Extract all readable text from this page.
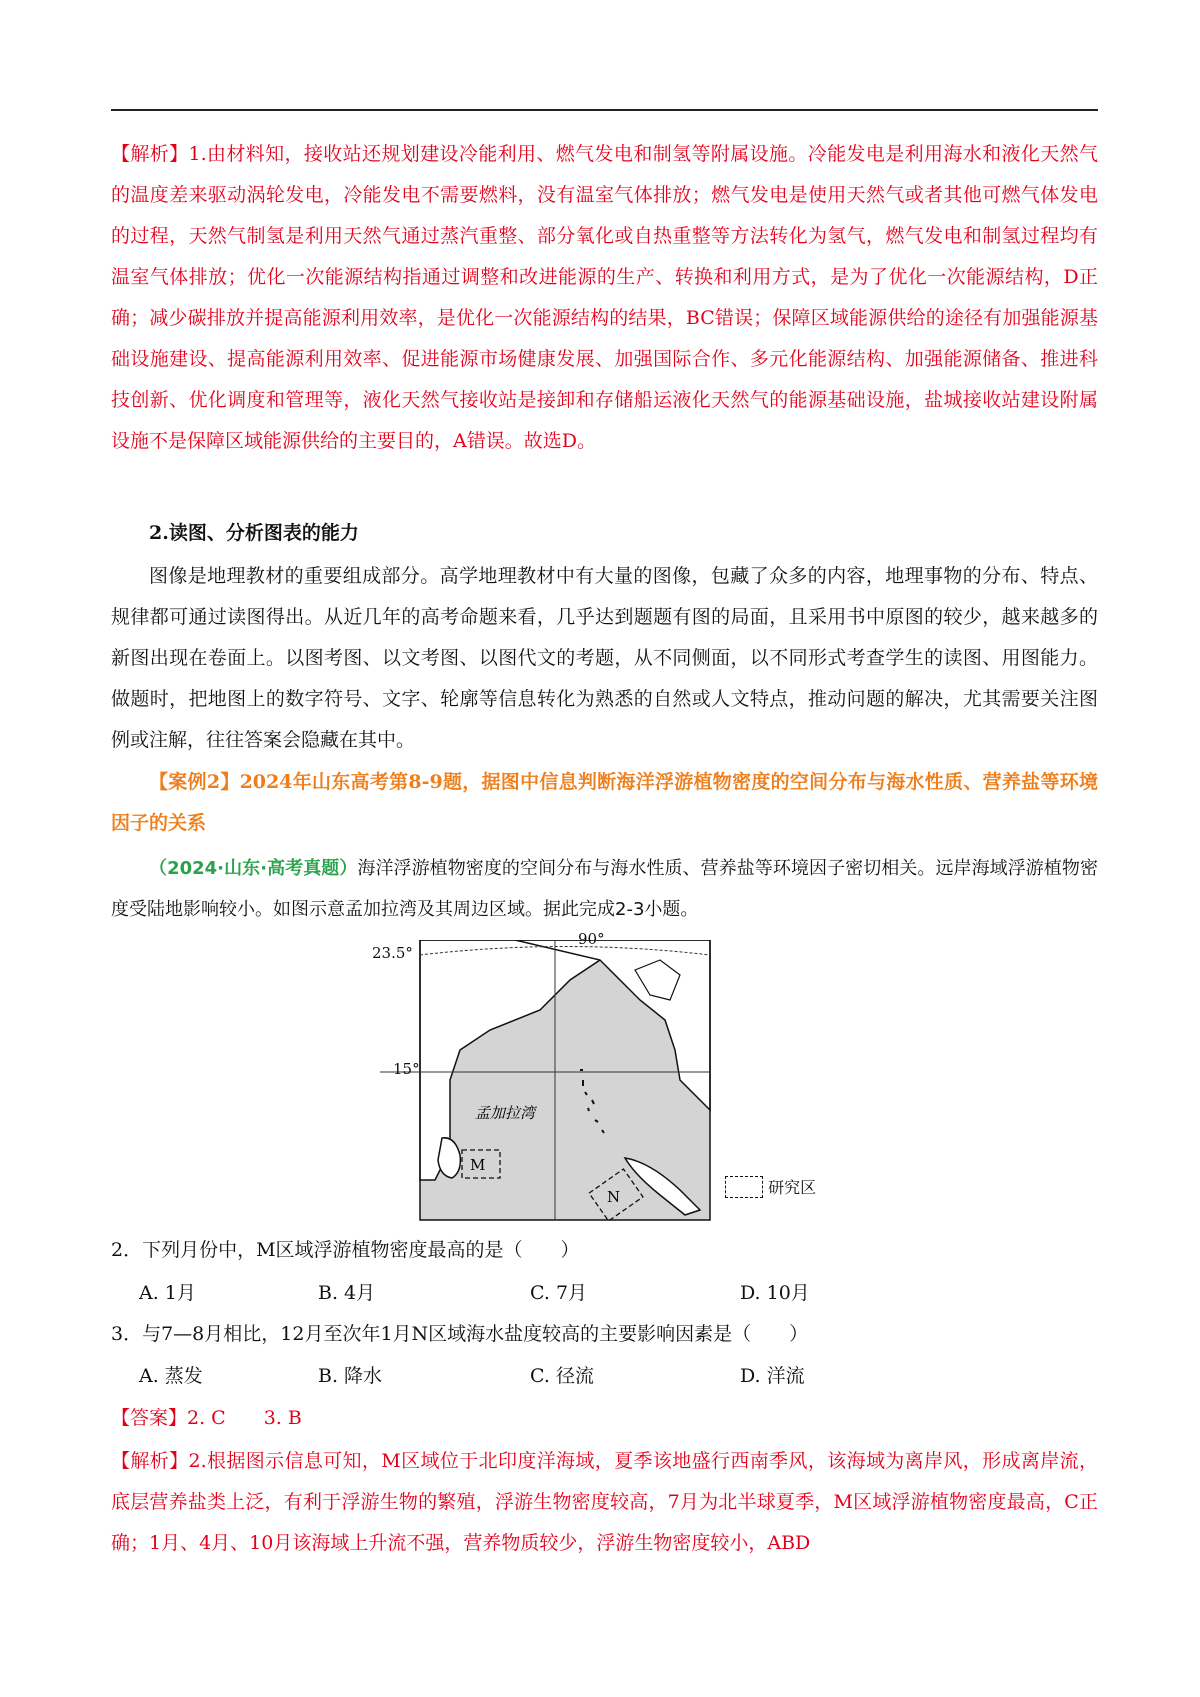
【解析】1.由材料知，接收站还规划建设冷能利用、燃气发电和制氢等附属设施。冷能发电是利用海水和液化天然气的温度差来驱动涡轮发电，冷能发电不需要燃料，没有温室气体排放；燃气发电是使用天然气或者其他可燃气体发电的过程，天然气制氢是利用天然气通过蒸汽重整、部分氧化或自热重整等方法转化为氢气，燃气发电和制氢过程均有温室气体排放；优化一次能源结构指通过调整和改进能源的生产、转换和利用方式，是为了优化一次能源结构，D正确；减少碳排放并提高能源利用效率，是优化一次能源结构的结果，BC错误；保障区域能源供给的途径有加强能源基础设施建设、提高能源利用效率、促进能源市场健康发展、加强国际合作、多元化能源结构、加强能源储备、推进科技创新、优化调度和管理等，液化天然气接收站是接卸和存储船运液化天然气的能源基础设施，盐城接收站建设附属设施不是保障区域能源供给的主要目的，A错误。故选D。

2.读图、分析图表的能力

图像是地理教材的重要组成部分。高学地理教材中有大量的图像，包藏了众多的内容，地理事物的分布、特点、规律都可通过读图得出。从近几年的高考命题来看，几乎达到题题有图的局面，且采用书中原图的较少，越来越多的新图出现在卷面上。以图考图、以文考图、以图代文的考题，从不同侧面，以不同形式考查学生的读图、用图能力。做题时，把地图上的数字符号、文字、轮廓等信息转化为熟悉的自然或人文特点，推动问题的解决，尤其需要关注图例或注解，往往答案会隐藏在其中。

【案例2】2024年山东高考第8-9题，据图中信息判断海洋浮游植物密度的空间分布与海水性质、营养盐等环境因子的关系

（2024·山东·高考真题）海洋浮游植物密度的空间分布与海水性质、营养盐等环境因子密切相关。远岸海域浮游植物密度受陆地影响较小。如图示意孟加拉湾及其周边区域。据此完成2-3小题。

M
N
孟加拉湾
23.5°
15°
90°
研究区
2．下列月份中，M区域浮游植物密度最高的是（　　）
A. 1月	B. 4月	C. 7月	D. 10月
3．与7—8月相比，12月至次年1月N区域海水盐度较高的主要影响因素是（　　）
A. 蒸发	B. 降水	C. 径流	D. 洋流
【答案】2. C　　3. B

【解析】2.根据图示信息可知，M区域位于北印度洋海域，夏季该地盛行西南季风，该海域为离岸风，形成离岸流，底层营养盐类上泛，有利于浮游生物的繁殖，浮游生物密度较高，7月为北半球夏季，M区域浮游植物密度最高，C正确；1月、4月、10月该海域上升流不强，营养物质较少，浮游生物密度较小，ABD
